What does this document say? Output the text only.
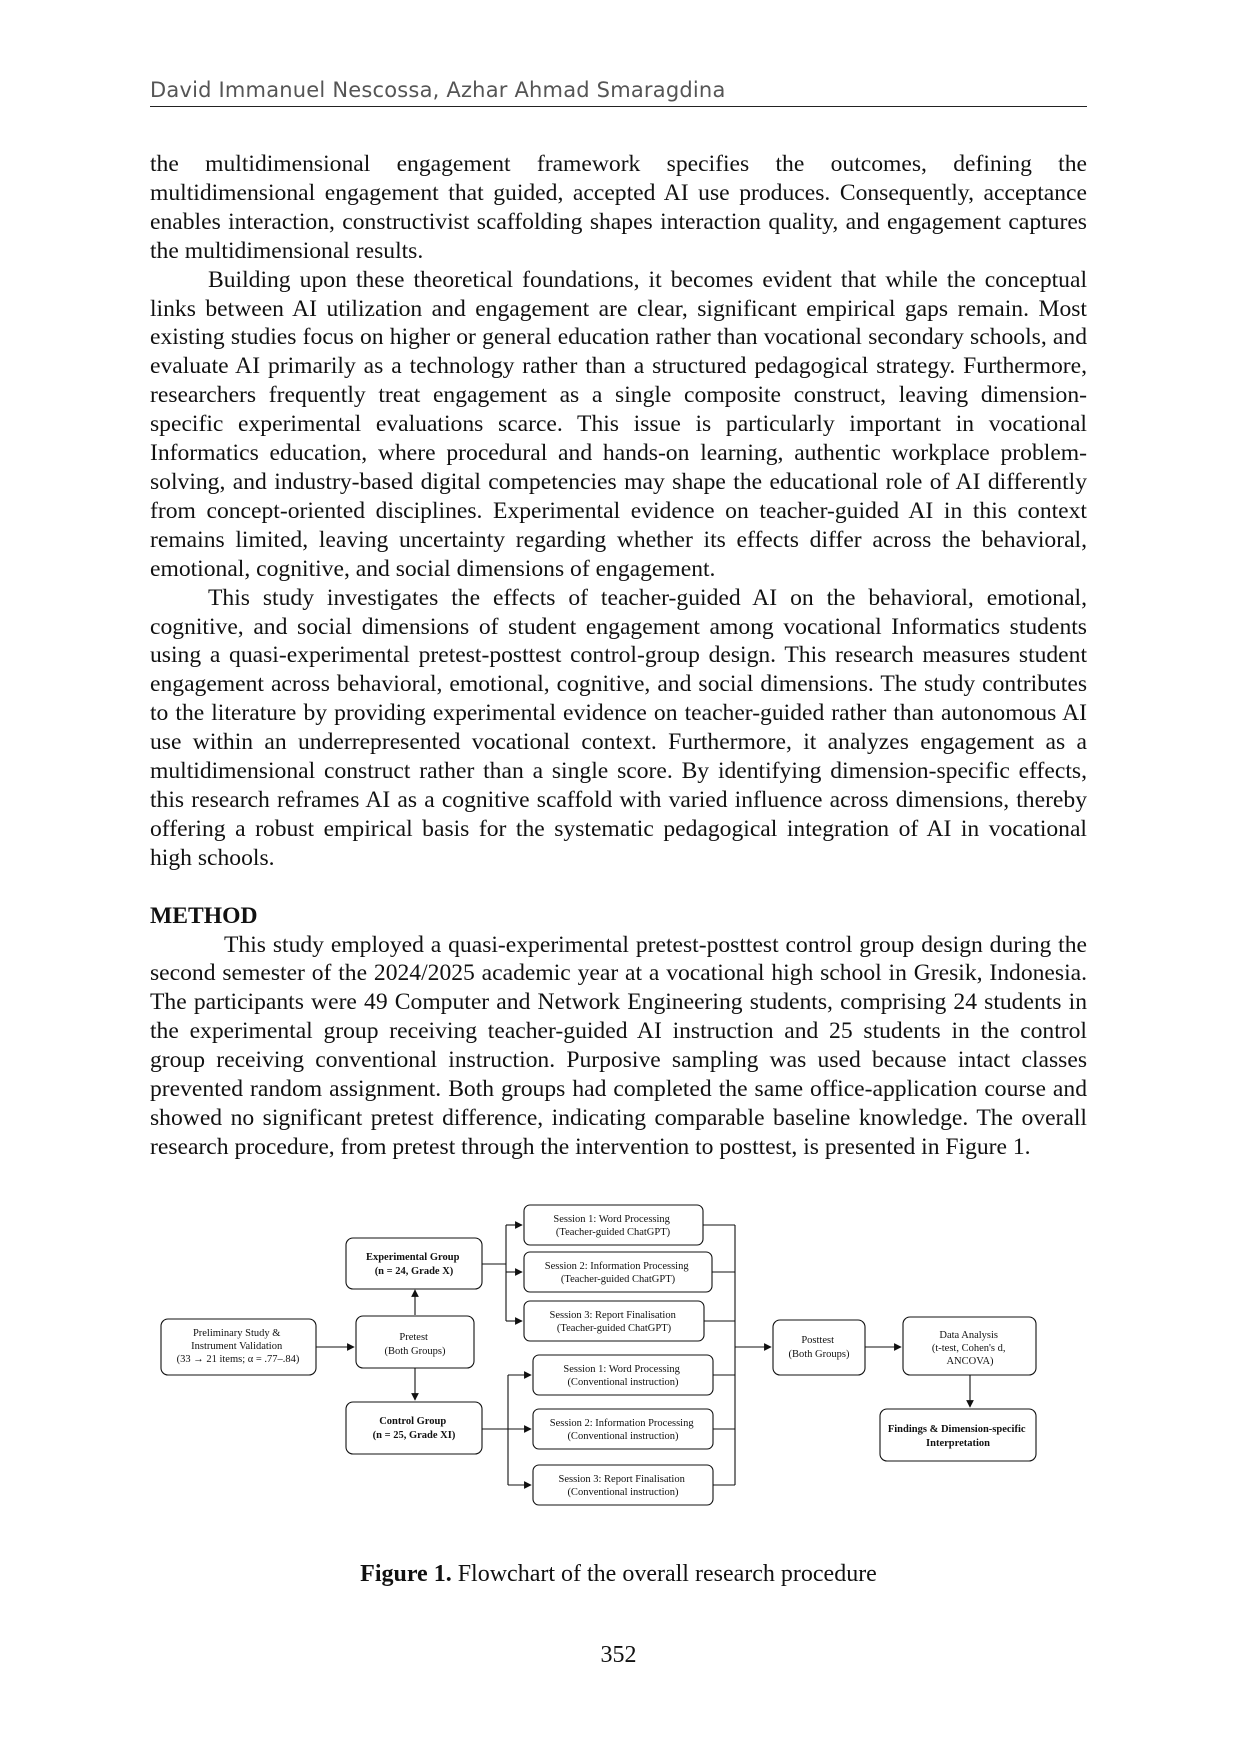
David Immanuel Nescossa, Azhar Ahmad Smaragdina

the multidimensional engagement framework specifies the outcomes, defining the multidimensional engagement that guided, accepted AI use produces. Consequently, acceptance enables interaction, constructivist scaffolding shapes interaction quality, and engagement captures the multidimensional results.

Building upon these theoretical foundations, it becomes evident that while the conceptual links between AI utilization and engagement are clear, significant empirical gaps remain. Most existing studies focus on higher or general education rather than vocational secondary schools, and evaluate AI primarily as a technology rather than a structured pedagogical strategy. Furthermore, researchers frequently treat engagement as a single composite construct, leaving dimension-specific experimental evaluations scarce. This issue is particularly important in vocational Informatics education, where procedural and hands-on learning, authentic workplace problem-solving, and industry-based digital competencies may shape the educational role of AI differently from concept-oriented disciplines. Experimental evidence on teacher-guided AI in this context remains limited, leaving uncertainty regarding whether its effects differ across the behavioral, emotional, cognitive, and social dimensions of engagement.

This study investigates the effects of teacher-guided AI on the behavioral, emotional, cognitive, and social dimensions of student engagement among vocational Informatics students using a quasi-experimental pretest-posttest control-group design. This research measures student engagement across behavioral, emotional, cognitive, and social dimensions. The study contributes to the literature by providing experimental evidence on teacher-guided rather than autonomous AI use within an underrepresented vocational context. Furthermore, it analyzes engagement as a multidimensional construct rather than a single score. By identifying dimension-specific effects, this research reframes AI as a cognitive scaffold with varied influence across dimensions, thereby offering a robust empirical basis for the systematic pedagogical integration of AI in vocational high schools.

METHOD

This study employed a quasi-experimental pretest-posttest control group design during the second semester of the 2024/2025 academic year at a vocational high school in Gresik, Indonesia. The participants were 49 Computer and Network Engineering students, comprising 24 students in the experimental group receiving teacher-guided AI instruction and 25 students in the control group receiving conventional instruction. Purposive sampling was used because intact classes prevented random assignment. Both groups had completed the same office-application course and showed no significant pretest difference, indicating comparable baseline knowledge. The overall research procedure, from pretest through the intervention to posttest, is presented in Figure 1.

Preliminary Study & Instrument Validation (33 → 21 items; α = .77–.84)
Pretest (Both Groups)
Experimental Group (n = 24, Grade X)
Control Group (n = 25, Grade XI)
Session 1: Word Processing (Teacher-guided ChatGPT)
Session 2: Information Processing (Teacher-guided ChatGPT)
Session 3: Report Finalisation (Teacher-guided ChatGPT)
Session 1: Word Processing (Conventional instruction)
Session 2: Information Processing (Conventional instruction)
Session 3: Report Finalisation (Conventional instruction)
Posttest (Both Groups)
Data Analysis (t-test, Cohen's d, ANCOVA)
Findings & Dimension-specific Interpretation
Figure 1. Flowchart of the overall research procedure
352
